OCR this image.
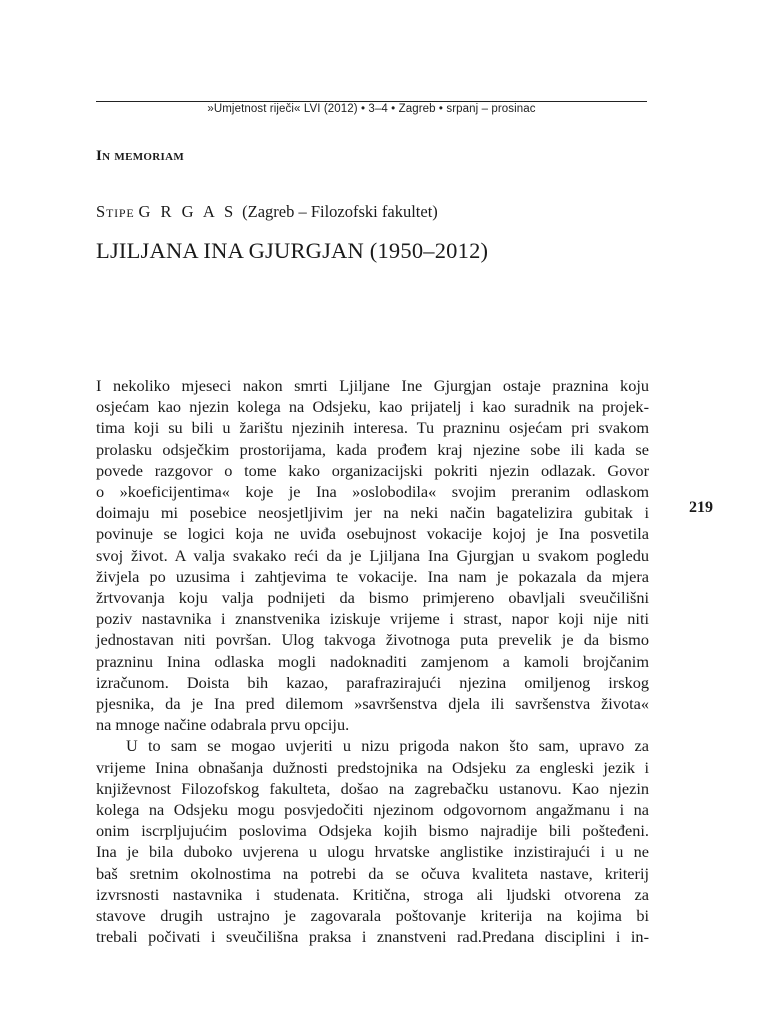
»Umjetnost riječi« LVI (2012) • 3–4 • Zagreb • srpanj – prosinac
In memoriam
Stipe G R G A S (Zagreb – Filozofski fakultet)
LJILJANA INA GJURGJAN (1950–2012)
219
I nekoliko mjeseci nakon smrti Ljiljane Ine Gjurgjan ostaje praznina koju
osjećam kao njezin kolega na Odsjeku, kao prijatelj i kao suradnik na projek-
tima koji su bili u žarištu njezinih interesa. Tu prazninu osjećam pri svakom
prolasku odsječkim prostorijama, kada prođem kraj njezine sobe ili kada se
povede razgovor o tome kako organizacijski pokriti njezin odlazak. Govor
o »koeficijentima« koje je Ina »oslobodila« svojim preranim odlaskom
doimaju mi posebice neosjetljivim jer na neki način bagatelizira gubitak i
povinuje se logici koja ne uviđa osebujnost vokacije kojoj je Ina posvetila
svoj život. A valja svakako reći da je Ljiljana Ina Gjurgjan u svakom pogledu
živjela po uzusima i zahtjevima te vokacije. Ina nam je pokazala da mjera
žrtvovanja koju valja podnijeti da bismo primjereno obavljali sveučilišni
poziv nastavnika i znanstvenika iziskuje vrijeme i strast, napor koji nije niti
jednostavan niti površan. Ulog takvoga životnoga puta prevelik je da bismo
prazninu Inina odlaska mogli nadoknaditi zamjenom a kamoli brojčanim
izračunom. Doista bih kazao, parafrazirajući njezina omiljenog irskog
pjesnika, da je Ina pred dilemom »savršenstva djela ili savršenstva života«
na mnoge načine odabrala prvu opciju.
U to sam se mogao uvjeriti u nizu prigoda nakon što sam, upravo za
vrijeme Inina obnašanja dužnosti predstojnika na Odsjeku za engleski jezik i
književnost Filozofskog fakulteta, došao na zagrebačku ustanovu. Kao njezin
kolega na Odsjeku mogu posvjedočiti njezinom odgovornom angažmanu i na
onim iscrpljujućim poslovima Odsjeka kojih bismo najradije bili pošteđeni.
Ina je bila duboko uvjerena u ulogu hrvatske anglistike inzistirajući i u ne
baš sretnim okolnostima na potrebi da se očuva kvaliteta nastave, kriterij
izvrsnosti nastavnika i studenata. Kritična, stroga ali ljudski otvorena za
stavove drugih ustrajno je zagovarala poštovanje kriterija na kojima bi
trebali počivati i sveučilišna praksa i znanstveni rad.Predana disciplini i in-
